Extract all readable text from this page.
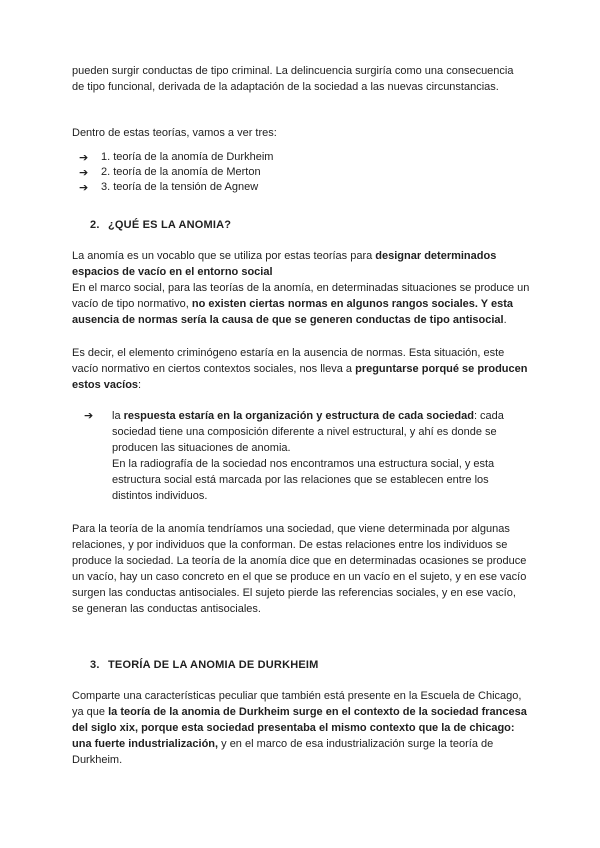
pueden surgir conductas de tipo criminal. La delincuencia surgiría como una consecuencia
de tipo funcional, derivada de la adaptación de la sociedad a las nuevas circunstancias.

Dentro de estas teorías, vamos a ver tres:

➔ 1. teoría de la anomía de Durkheim
➔ 2. teoría de la anomía de Merton
➔ 3. teoría de la tensión de Agnew

2. ¿QUÉ ES LA ANOMIA?

La anomía es un vocablo que se utiliza por estas teorías para designar determinados espacios de vacío en el entorno social

En el marco social, para las teorías de la anomía, en determinadas situaciones se produce un vacío de tipo normativo, no existen ciertas normas en algunos rangos sociales. Y esta ausencia de normas sería la causa de que se generen conductas de tipo antisocial.

Es decir, el elemento criminógeno estaría en la ausencia de normas. Esta situación, este vacío normativo en ciertos contextos sociales, nos lleva a preguntarse porqué se producen estos vacíos:

➔ la respuesta estaría en la organización y estructura de cada sociedad: cada sociedad tiene una composición diferente a nivel estructural, y ahí es donde se producen las situaciones de anomia.
En la radiografía de la sociedad nos encontramos una estructura social, y esta estructura social está marcada por las relaciones que se establecen entre los distintos individuos.

Para la teoría de la anomía tendríamos una sociedad, que viene determinada por algunas relaciones, y por individuos que la conforman. De estas relaciones entre los individuos se produce la sociedad. La teoría de la anomía dice que en determinadas ocasiones se produce un vacío, hay un caso concreto en el que se produce en un vacío en el sujeto, y en ese vacío surgen las conductas antisociales. El sujeto pierde las referencias sociales, y en ese vacío, se generan las conductas antisociales.

3. TEORÍA DE LA ANOMIA DE DURKHEIM

Comparte una características peculiar que también está presente en la Escuela de Chicago, ya que la teoría de la anomia de Durkheim surge en el contexto de la sociedad francesa del siglo xix, porque esta sociedad presentaba el mismo contexto que la de chicago: una fuerte industrialización, y en el marco de esa industrialización surge la teoría de Durkheim.
